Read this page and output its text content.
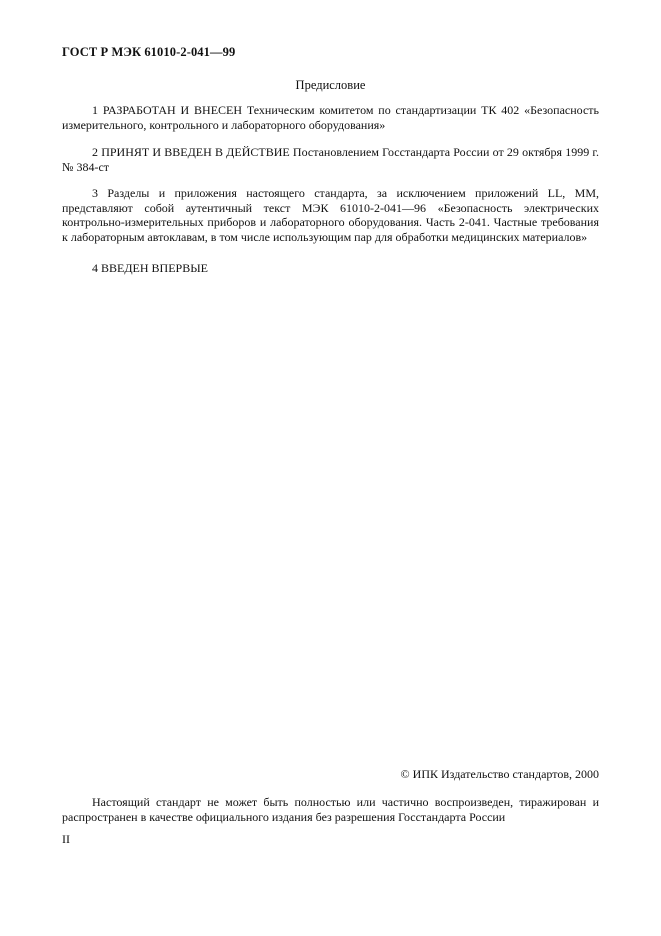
ГОСТ Р МЭК 61010-2-041—99
Предисловие

1 РАЗРАБОТАН И ВНЕСЕН Техническим комитетом по стандартизации ТК 402 «Безопасность измерительного, контрольного и лабораторного оборудования»

2 ПРИНЯТ И ВВЕДЕН В ДЕЙСТВИЕ Постановлением Госстандарта России от 29 октября 1999 г. № 384-ст

3 Разделы и приложения настоящего стандарта, за исключением приложений LL, ММ, представляют собой аутентичный текст МЭК 61010-2-041—96 «Безопасность электрических контрольно-измерительных приборов и лабораторного оборудования. Часть 2-041. Частные требования к лабораторным автоклавам, в том числе использующим пар для обработки медицинских материалов»

4 ВВЕДЕН ВПЕРВЫЕ

© ИПК Издательство стандартов, 2000

Настоящий стандарт не может быть полностью или частично воспроизведен, тиражирован и распространен в качестве официального издания без разрешения Госстандарта России

II
